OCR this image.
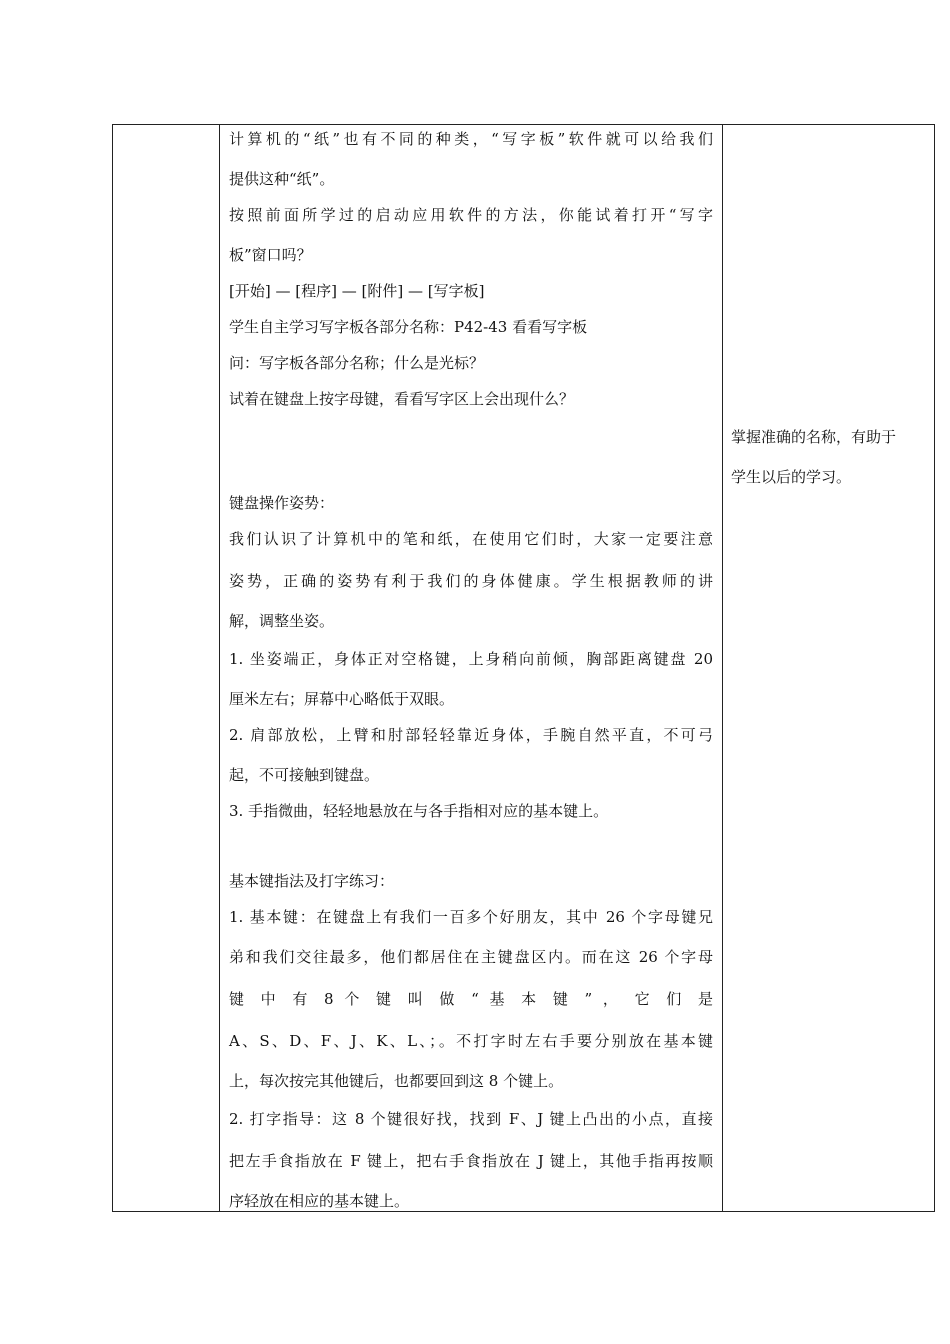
计算机的“纸”也有不同的种类，“写字板”软件就可以给我们
提供这种“纸”。
按照前面所学过的启动应用软件的方法，你能试着打开“写字
板”窗口吗？
[开始] — [程序] — [附件] — [写字板]
学生自主学习写字板各部分名称：P42-43 看看写字板
问：写字板各部分名称；什么是光标？
试着在键盘上按字母键，看看写字区上会出现什么？
键盘操作姿势：
我们认识了计算机中的笔和纸，在使用它们时，大家一定要注意
姿势，正确的姿势有利于我们的身体健康。学生根据教师的讲
解，调整坐姿。
1. 坐姿端正，身体正对空格键，上身稍向前倾，胸部距离键盘 20
厘米左右；屏幕中心略低于双眼。
2. 肩部放松，上臂和肘部轻轻靠近身体，手腕自然平直，不可弓
起，不可接触到键盘。
3. 手指微曲，轻轻地悬放在与各手指相对应的基本键上。
基本键指法及打字练习：
1. 基本键：在键盘上有我们一百多个好朋友，其中 26 个字母键兄
弟和我们交往最多，他们都居住在主键盘区内。而在这 26 个字母
键 中 有 8 个 键 叫 做 “ 基 本 键 ” ， 它 们 是
A、S、D、F、J、K、L、；。不打字时左右手要分别放在基本键
上，每次按完其他键后，也都要回到这 8 个键上。
2. 打字指导：这 8 个键很好找，找到 F、J 键上凸出的小点，直接
把左手食指放在 F 键上，把右手食指放在 J 键上，其他手指再按顺
序轻放在相应的基本键上。
掌握准确的名称，有助于
学生以后的学习。
